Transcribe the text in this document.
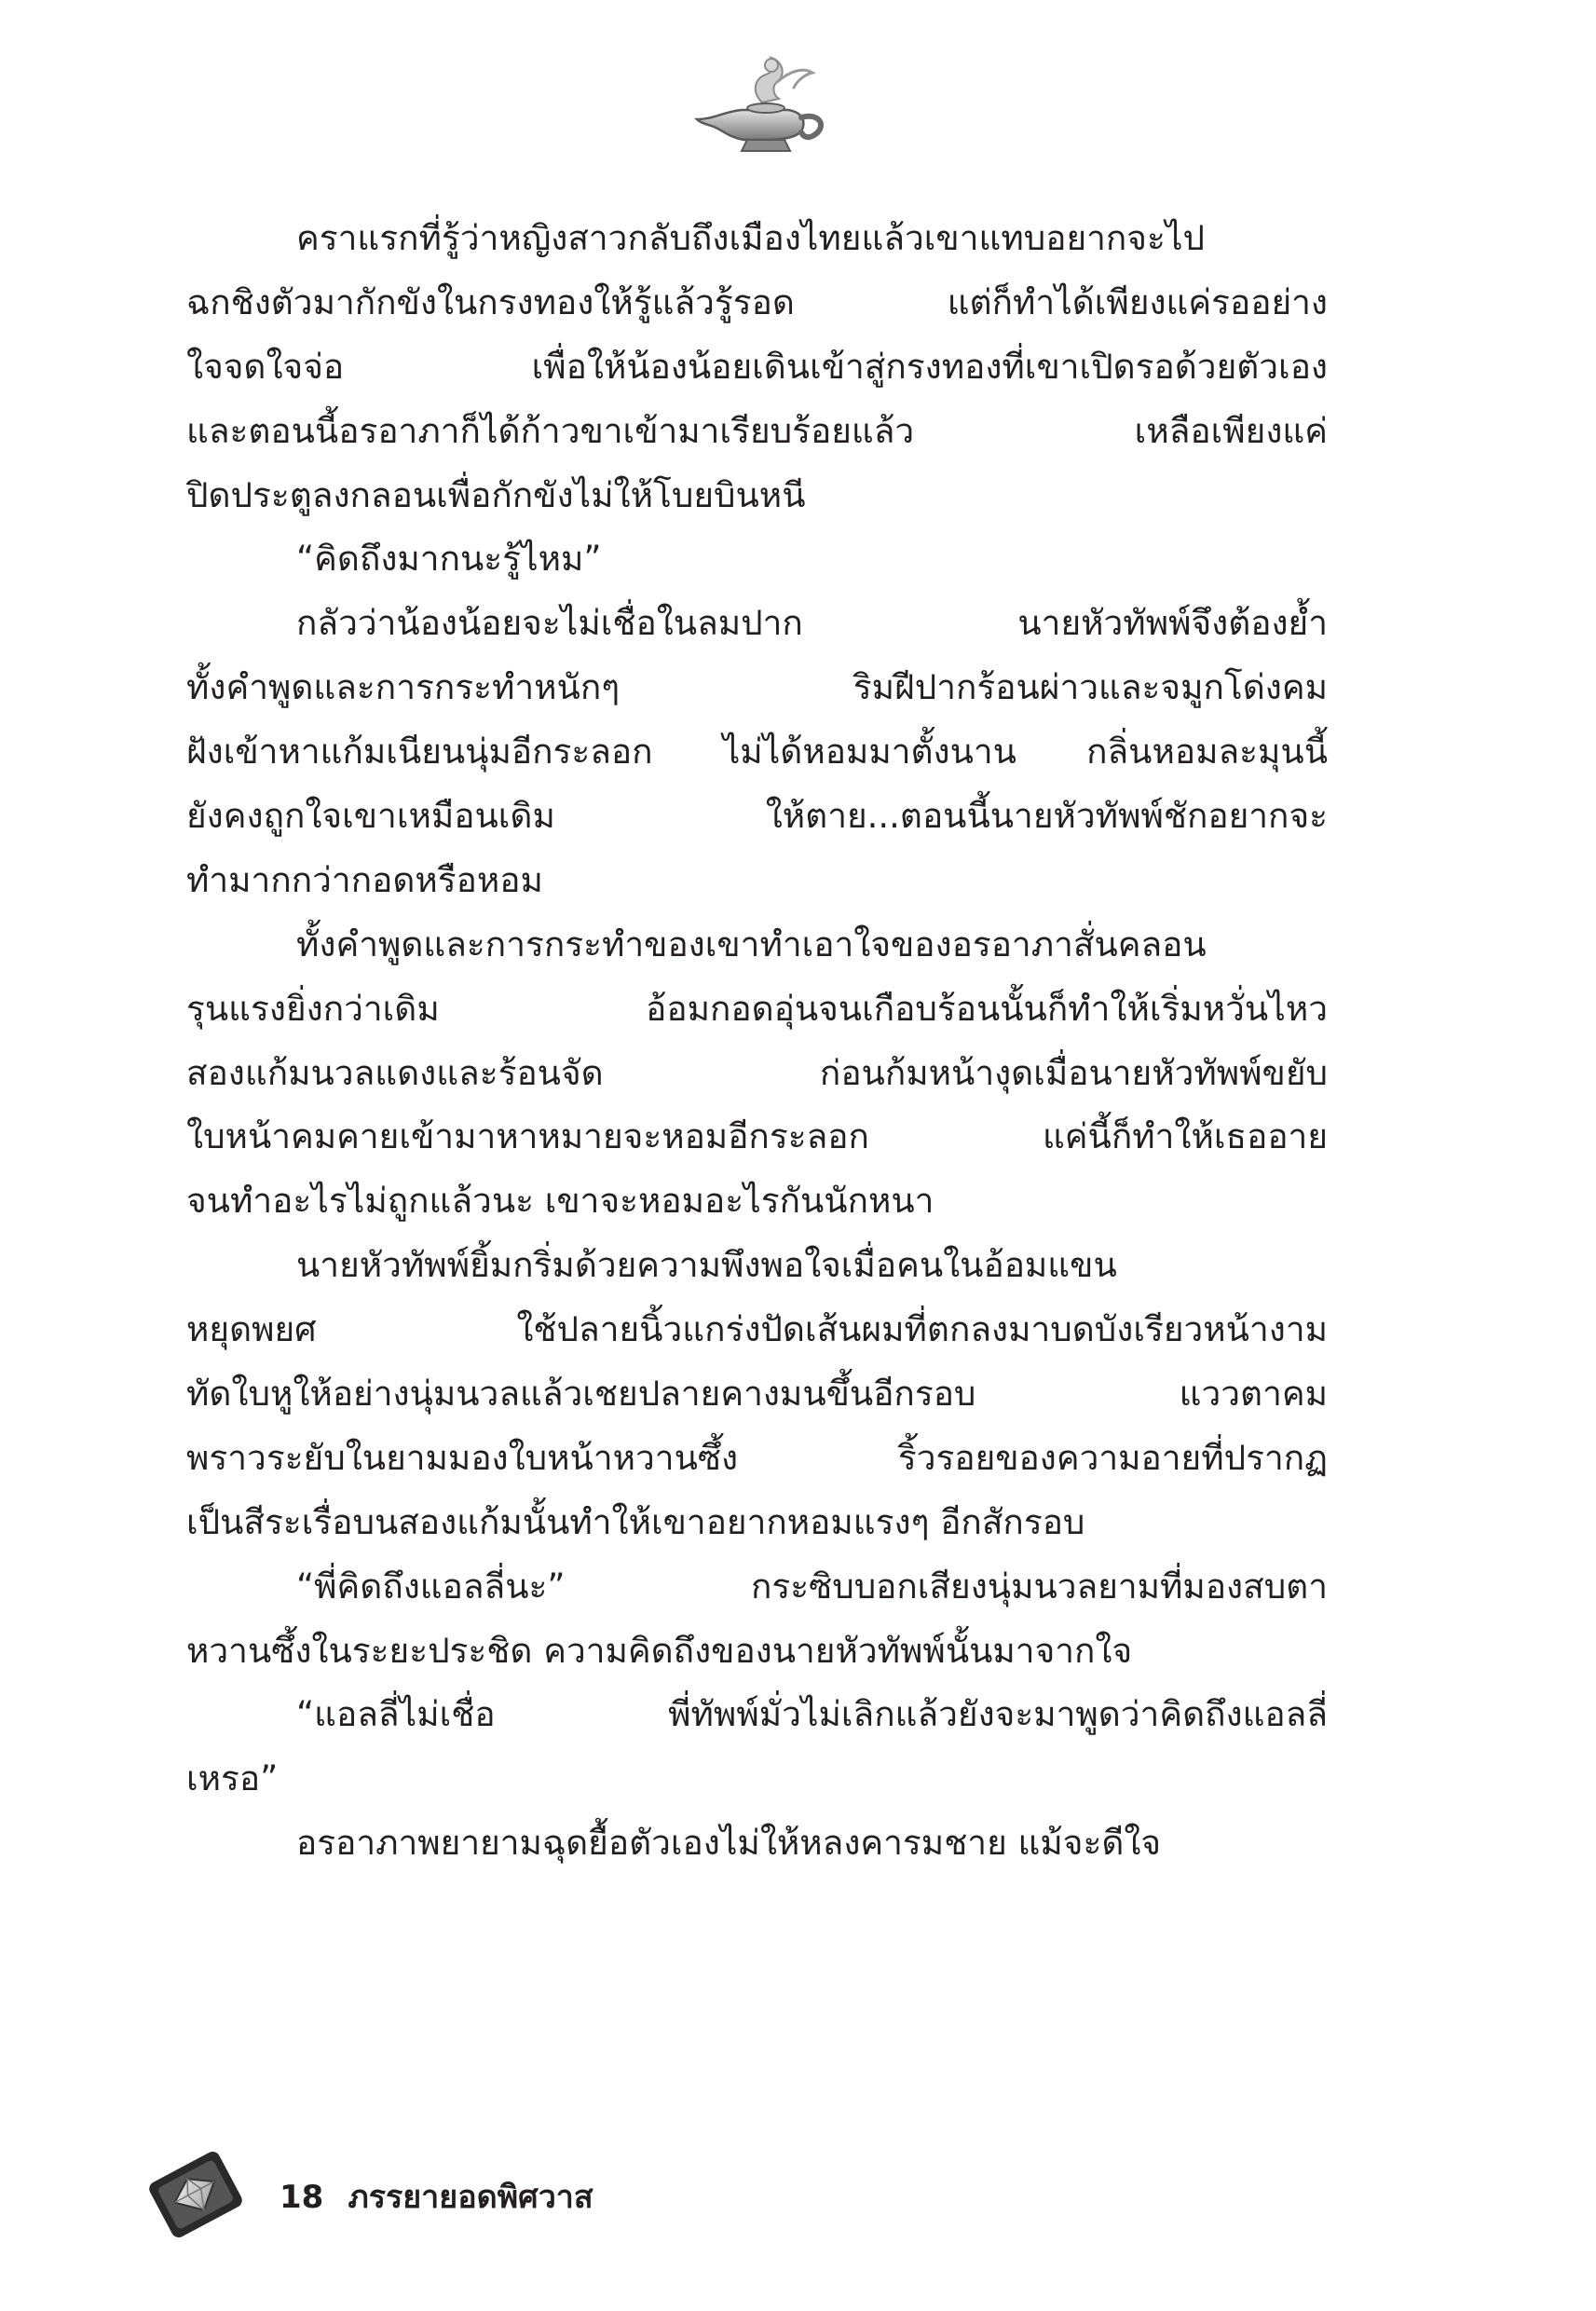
คราแรกที่รู้ว่าหญิงสาวกลับถึงเมืองไทยแล้วเขาแทบอยากจะไป
ฉกชิงตัวมากักขังในกรงทองให้รู้แล้วรู้รอด แต่ก็ทำได้เพียงแค่รออย่าง
ใจจดใจจ่อ เพื่อให้น้องน้อยเดินเข้าสู่กรงทองที่เขาเปิดรอด้วยตัวเอง
และตอนนี้อรอาภาก็ได้ก้าวขาเข้ามาเรียบร้อยแล้ว เหลือเพียงแค่
ปิดประตูลงกลอนเพื่อกักขังไม่ให้โบยบินหนี
“คิดถึงมากนะรู้ไหม”
กลัวว่าน้องน้อยจะไม่เชื่อในลมปาก นายหัวทัพพ์จึงต้องย้ำ
ทั้งคำพูดและการกระทำหนักๆ ริมฝีปากร้อนผ่าวและจมูกโด่งคม
ฝังเข้าหาแก้มเนียนนุ่มอีกระลอก ไม่ได้หอมมาตั้งนาน กลิ่นหอมละมุนนี้
ยังคงถูกใจเขาเหมือนเดิม ให้ตาย...ตอนนี้นายหัวทัพพ์ชักอยากจะ
ทำมากกว่ากอดหรือหอม
ทั้งคำพูดและการกระทำของเขาทำเอาใจของอรอาภาสั่นคลอน
รุนแรงยิ่งกว่าเดิม อ้อมกอดอุ่นจนเกือบร้อนนั้นก็ทำให้เริ่มหวั่นไหว
สองแก้มนวลแดงและร้อนจัด ก่อนก้มหน้างุดเมื่อนายหัวทัพพ์ขยับ
ใบหน้าคมคายเข้ามาหาหมายจะหอมอีกระลอก แค่นี้ก็ทำให้เธออาย
จนทำอะไรไม่ถูกแล้วนะ เขาจะหอมอะไรกันนักหนา
นายหัวทัพพ์ยิ้มกริ่มด้วยความพึงพอใจเมื่อคนในอ้อมแขน
หยุดพยศ ใช้ปลายนิ้วแกร่งปัดเส้นผมที่ตกลงมาบดบังเรียวหน้างาม
ทัดใบหูให้อย่างนุ่มนวลแล้วเชยปลายคางมนขึ้นอีกรอบ แววตาคม
พราวระยับในยามมองใบหน้าหวานซึ้ง ริ้วรอยของความอายที่ปรากฏ
เป็นสีระเรื่อบนสองแก้มนั้นทำให้เขาอยากหอมแรงๆ อีกสักรอบ
“พี่คิดถึงแอลลี่นะ” กระซิบบอกเสียงนุ่มนวลยามที่มองสบตา
หวานซึ้งในระยะประชิด ความคิดถึงของนายหัวทัพพ์นั้นมาจากใจ
“แอลลี่ไม่เชื่อ พี่ทัพพ์มั่วไม่เลิกแล้วยังจะมาพูดว่าคิดถึงแอลลี่
เหรอ”
อรอาภาพยายามฉุดยื้อตัวเองไม่ให้หลงคารมชาย แม้จะดีใจ
18 ภรรยายอดพิศวาส
